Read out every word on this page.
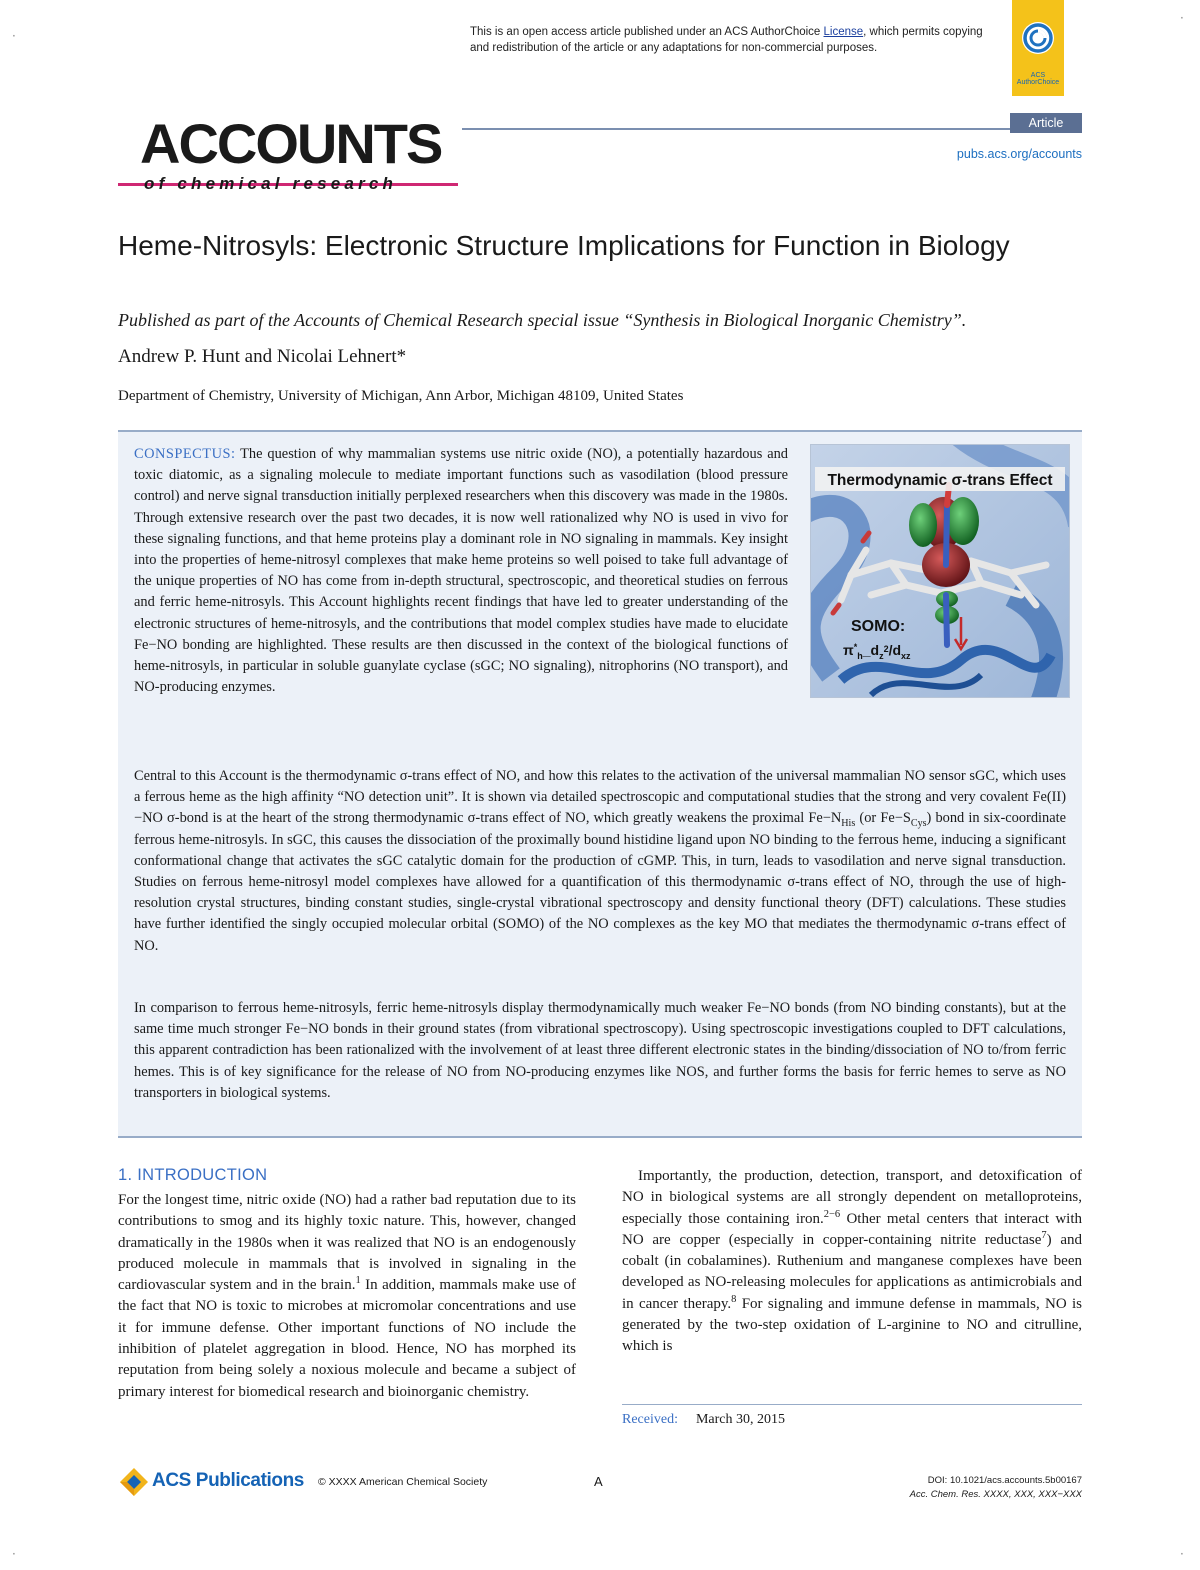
·
·
·	·
This is an open access article published under an ACS AuthorChoice License, which permits copying and redistribution of the article or any adaptations for non-commercial purposes.
ACS AuthorChoice
ACCOUNTS
of chemical research
Article
pubs.acs.org/accounts
Heme-Nitrosyls: Electronic Structure Implications for Function in Biology
Published as part of the Accounts of Chemical Research special issue “Synthesis in Biological Inorganic Chemistry”.
Andrew P. Hunt and Nicolai Lehnert*
Department of Chemistry, University of Michigan, Ann Arbor, Michigan 48109, United States

CONSPECTUS: The question of why mammalian systems use nitric oxide (NO), a potentially hazardous and toxic diatomic, as a signaling molecule to mediate important functions such as vasodilation (blood pressure control) and nerve signal transduction initially perplexed researchers when this discovery was made in the 1980s. Through extensive research over the past two decades, it is now well rationalized why NO is used in vivo for these signaling functions, and that heme proteins play a dominant role in NO signaling in mammals. Key insight into the properties of heme-nitrosyl complexes that make heme proteins so well poised to take full advantage of the unique properties of NO has come from in-depth structural, spectroscopic, and theoretical studies on ferrous and ferric heme-nitrosyls. This Account highlights recent findings that have led to greater understanding of the electronic structures of heme-nitrosyls, and the contributions that model complex studies have made to elucidate Fe−NO bonding are highlighted. These results are then discussed in the context of the biological functions of heme-nitrosyls, in particular in soluble guanylate cyclase (sGC; NO signaling), nitrophorins (NO transport), and NO-producing enzymes.

Thermodynamic σ-trans Effect
SOMO:
$\pi^*_h\_d_z^2/d_{xz}$

Central to this Account is the thermodynamic σ-trans effect of NO, and how this relates to the activation of the universal mammalian NO sensor sGC, which uses a ferrous heme as the high affinity “NO detection unit”. It is shown via detailed spectroscopic and computational studies that the strong and very covalent Fe(II)−NO σ-bond is at the heart of the strong thermodynamic σ-trans effect of NO, which greatly weakens the proximal $Fe-N_{His}$ (or $Fe-S_{Cys}$) bond in six-coordinate ferrous heme-nitrosyls. In sGC, this causes the dissociation of the proximally bound histidine ligand upon NO binding to the ferrous heme, inducing a significant conformational change that activates the sGC catalytic domain for the production of cGMP. This, in turn, leads to vasodilation and nerve signal transduction. Studies on ferrous heme-nitrosyl model complexes have allowed for a quantification of this thermodynamic σ-trans effect of NO, through the use of high-resolution crystal structures, binding constant studies, single-crystal vibrational spectroscopy and density functional theory (DFT) calculations. These studies have further identified the singly occupied molecular orbital (SOMO) of the NO complexes as the key MO that mediates the thermodynamic σ-trans effect of NO.

In comparison to ferrous heme-nitrosyls, ferric heme-nitrosyls display thermodynamically much weaker Fe−NO bonds (from NO binding constants), but at the same time much stronger Fe−NO bonds in their ground states (from vibrational spectroscopy). Using spectroscopic investigations coupled to DFT calculations, this apparent contradiction has been rationalized with the involvement of at least three different electronic states in the binding/dissociation of NO to/from ferric hemes. This is of key significance for the release of NO from NO-producing enzymes like NOS, and further forms the basis for ferric hemes to serve as NO transporters in biological systems.

1. INTRODUCTION

For the longest time, nitric oxide (NO) had a rather bad reputation due to its contributions to smog and its highly toxic nature. This, however, changed dramatically in the 1980s when it was realized that NO is an endogenously produced molecule in mammals that is involved in signaling in the cardiovascular system and in the brain.$^1$ In addition, mammals make use of the fact that NO is toxic to microbes at micromolar concentrations and use it for immune defense. Other important functions of NO include the inhibition of platelet aggregation in blood. Hence, NO has morphed its reputation from being solely a noxious molecule and became a subject of primary interest for biomedical research and bioinorganic chemistry.

Importantly, the production, detection, transport, and detoxification of NO in biological systems are all strongly dependent on metalloproteins, especially those containing iron.$^{2-6}$ Other metal centers that interact with NO are copper (especially in copper-containing nitrite reductase$^7$) and cobalt (in cobalamines). Ruthenium and manganese complexes have been developed as NO-releasing molecules for applications as antimicrobials and in cancer therapy.$^8$ For signaling and immune defense in mammals, NO is generated by the two-step oxidation of L-arginine to NO and citrulline, which is

Received: March 30, 2015
ACS Publications © XXXX American Chemical Society	A	DOI: 10.1021/acs.accounts.5b00167
Acc. Chem. Res. XXXX, XXX, XXX−XXX
